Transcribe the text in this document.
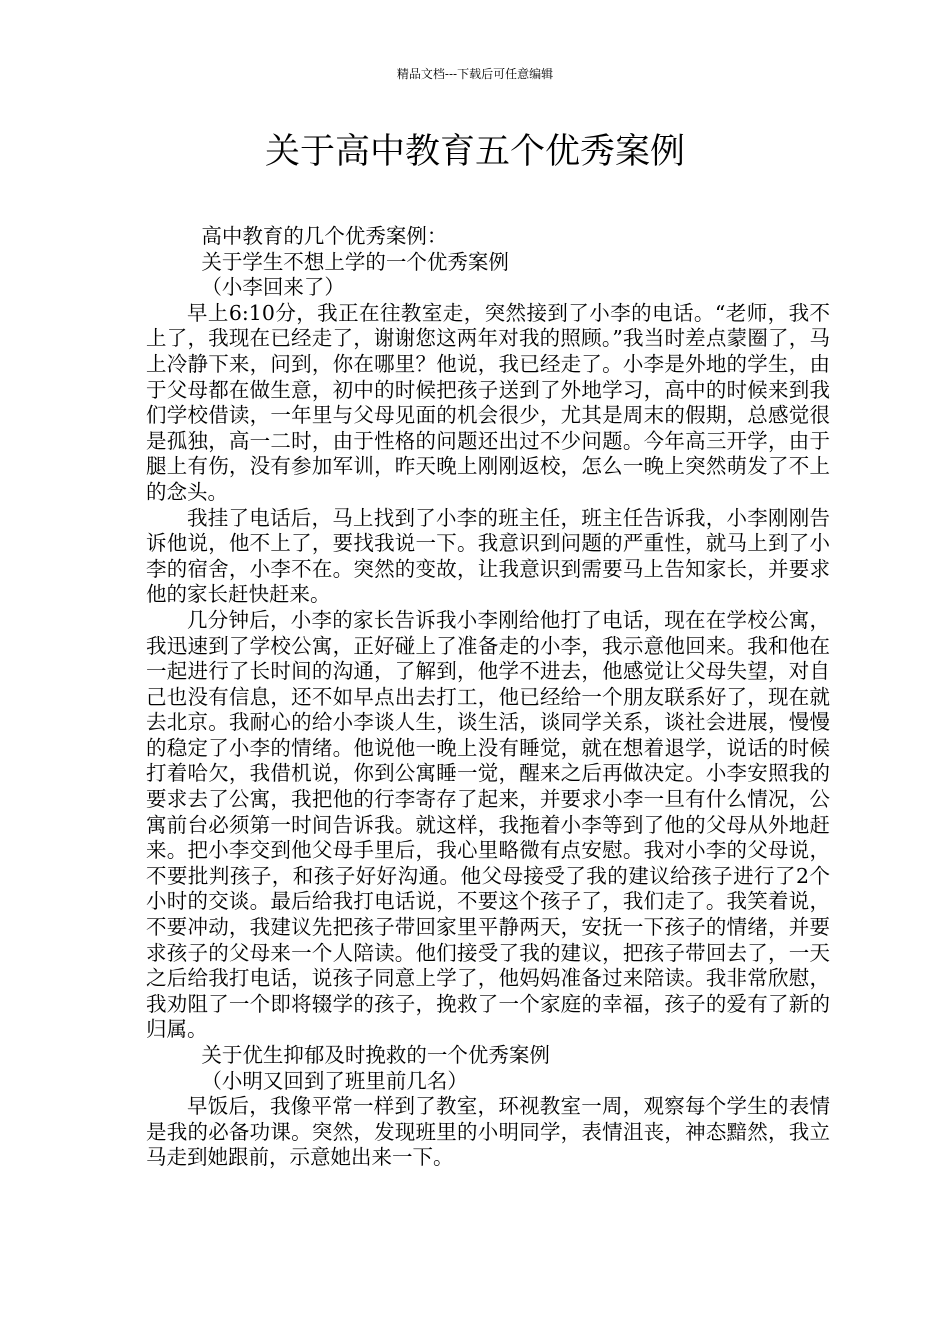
精品文档---下载后可任意编辑
关于高中教育五个优秀案例

高中教育的几个优秀案例：

关于学生不想上学的一个优秀案例

（小李回来了）

早上6:10分，我正在往教室走，突然接到了小李的电话。“老师，我不上了，我现在已经走了，谢谢您这两年对我的照顾。”我当时差点蒙圈了，马上冷静下来，问到，你在哪里？他说，我已经走了。小李是外地的学生，由于父母都在做生意，初中的时候把孩子送到了外地学习，高中的时候来到我们学校借读，一年里与父母见面的机会很少，尤其是周末的假期，总感觉很是孤独，高一二时，由于性格的问题还出过不少问题。今年高三开学，由于腿上有伤，没有参加军训，昨天晚上刚刚返校，怎么一晚上突然萌发了不上的念头。

我挂了电话后，马上找到了小李的班主任，班主任告诉我，小李刚刚告诉他说，他不上了，要找我说一下。我意识到问题的严重性，就马上到了小李的宿舍，小李不在。突然的变故，让我意识到需要马上告知家长，并要求他的家长赶快赶来。

几分钟后，小李的家长告诉我小李刚给他打了电话，现在在学校公寓，我迅速到了学校公寓，正好碰上了准备走的小李，我示意他回来。我和他在一起进行了长时间的沟通，了解到，他学不进去，他感觉让父母失望，对自己也没有信息，还不如早点出去打工，他已经给一个朋友联系好了，现在就去北京。我耐心的给小李谈人生，谈生活，谈同学关系，谈社会进展，慢慢的稳定了小李的情绪。他说他一晚上没有睡觉，就在想着退学，说话的时候打着哈欠，我借机说，你到公寓睡一觉，醒来之后再做决定。小李安照我的要求去了公寓，我把他的行李寄存了起来，并要求小李一旦有什么情况，公寓前台必须第一时间告诉我。就这样，我拖着小李等到了他的父母从外地赶来。把小李交到他父母手里后，我心里略微有点安慰。我对小李的父母说，不要批判孩子，和孩子好好沟通。他父母接受了我的建议给孩子进行了2个小时的交谈。最后给我打电话说，不要这个孩子了，我们走了。我笑着说，不要冲动，我建议先把孩子带回家里平静两天，安抚一下孩子的情绪，并要求孩子的父母来一个人陪读。他们接受了我的建议，把孩子带回去了，一天之后给我打电话，说孩子同意上学了，他妈妈准备过来陪读。我非常欣慰，我劝阻了一个即将辍学的孩子，挽救了一个家庭的幸福，孩子的爱有了新的归属。

关于优生抑郁及时挽救的一个优秀案例

（小明又回到了班里前几名）

早饭后，我像平常一样到了教室，环视教室一周，观察每个学生的表情是我的必备功课。突然，发现班里的小明同学，表情沮丧，神态黯然，我立马走到她跟前，示意她出来一下。
